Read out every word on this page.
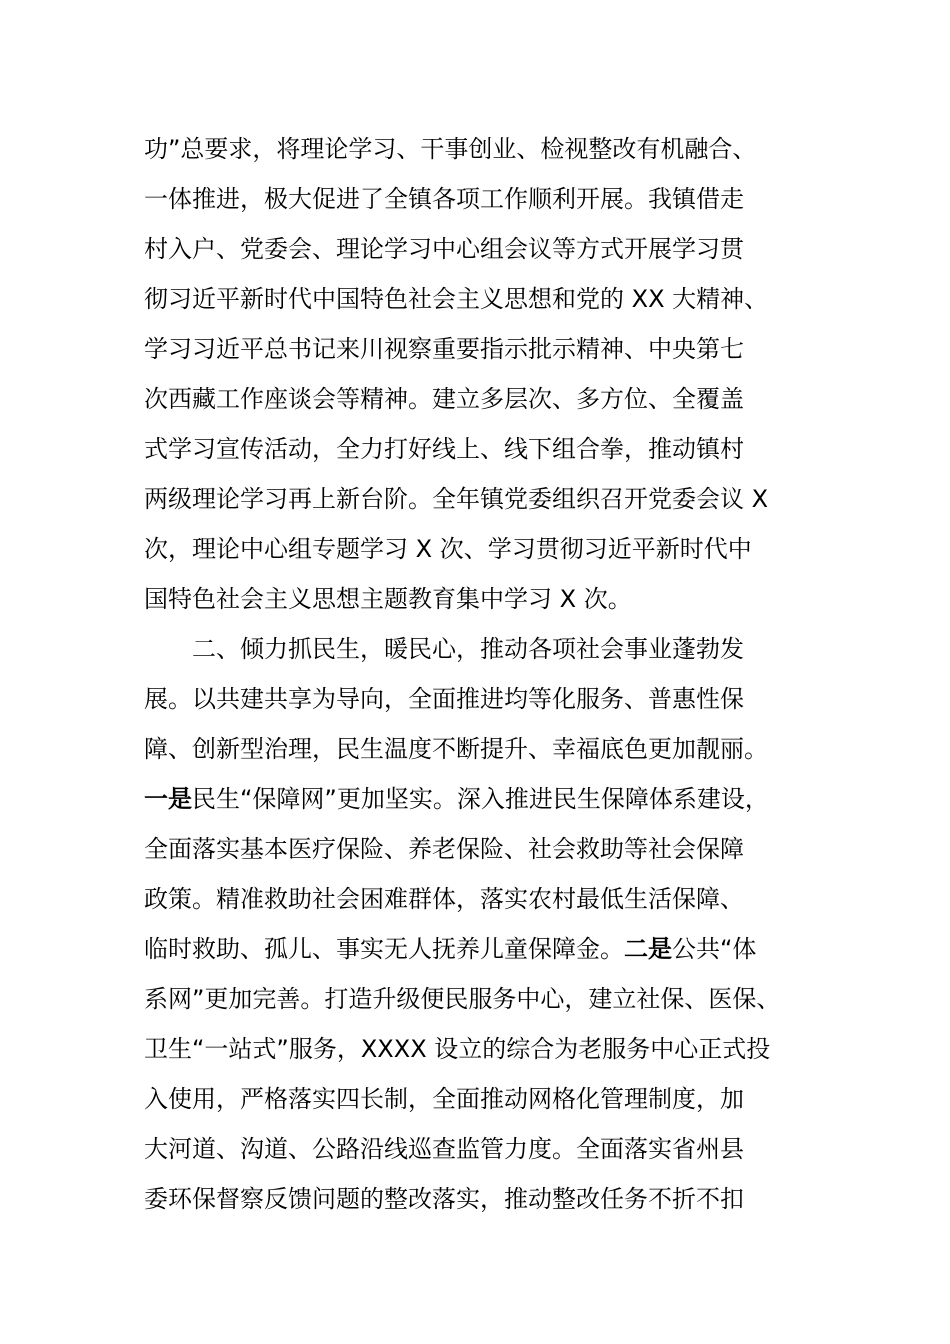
功”总要求，将理论学习、干事创业、检视整改有机融合、
一体推进，极大促进了全镇各项工作顺利开展。我镇借走
村入户、党委会、理论学习中心组会议等方式开展学习贯
彻习近平新时代中国特色社会主义思想和党的 XX 大精神、
学习习近平总书记来川视察重要指示批示精神、中央第七
次西藏工作座谈会等精神。建立多层次、多方位、全覆盖
式学习宣传活动，全力打好线上、线下组合拳，推动镇村
两级理论学习再上新台阶。全年镇党委组织召开党委会议 X
次，理论中心组专题学习 X 次、学习贯彻习近平新时代中
国特色社会主义思想主题教育集中学习 X 次。
二、倾力抓民生，暖民心，推动各项社会事业蓬勃发
展。以共建共享为导向，全面推进均等化服务、普惠性保
障、创新型治理，民生温度不断提升、幸福底色更加靓丽。
一是民生“保障网”更加坚实。深入推进民生保障体系建设，
全面落实基本医疗保险、养老保险、社会救助等社会保障
政策。精准救助社会困难群体，落实农村最低生活保障、
临时救助、孤儿、事实无人抚养儿童保障金。二是公共“体
系网”更加完善。打造升级便民服务中心，建立社保、医保、
卫生“一站式”服务，XXXX 设立的综合为老服务中心正式投
入使用，严格落实四长制，全面推动网格化管理制度，加
大河道、沟道、公路沿线巡查监管力度。全面落实省州县
委环保督察反馈问题的整改落实，推动整改任务不折不扣
